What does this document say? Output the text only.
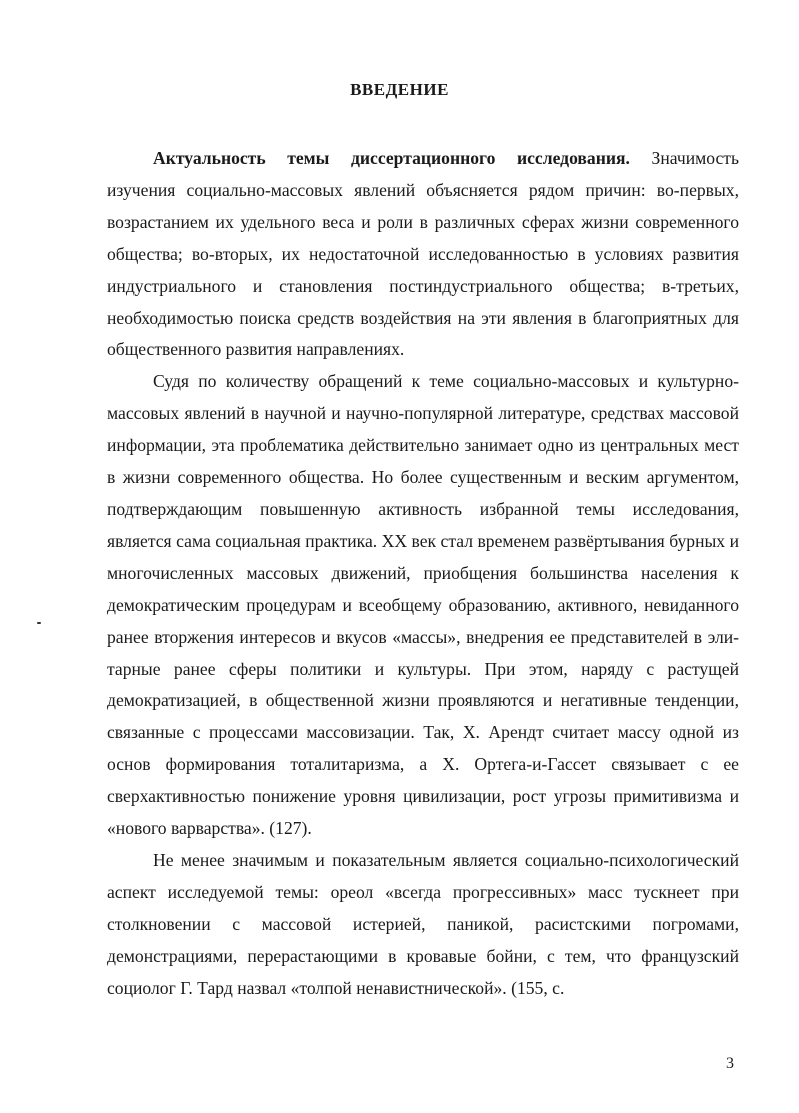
ВВЕДЕНИЕ

Актуальность темы диссертационного исследования. Значимость изучения социально-массовых явлений объясняется рядом причин: во-первых, возрастанием их удельного веса и роли в различных сферах жизни современного общества; во-вторых, их недостаточной исследованностью в условиях развития индустриального и становления постиндустриального общества; в-третьих, необходимостью поиска средств воздействия на эти явления в благоприятных для общественного развития направлениях.

Судя по количеству обращений к теме социально-массовых и культурно-массовых явлений в научной и научно-популярной литературе, средствах массовой информации, эта проблематика действительно занимает одно из центральных мест в жизни современного общества. Но более существенным и веским аргументом, подтверждающим повышенную активность избранной темы исследования, является сама социальная практика. XX век стал временем развёртывания бурных и многочисленных массовых движений, приобщения большинства населения к демократическим процедурам и всеобщему образованию, активного, невиданного ранее вторжения интересов и вкусов «массы», внедрения ее представителей в элитарные ранее сферы политики и культуры. При этом, наряду с растущей демократизацией, в общественной жизни проявляются и негативные тенденции, связанные с процессами массовизации. Так, X. Арендт считает массу одной из основ формирования тоталитаризма, а X. Ортега-и-Гассет связывает с ее сверхактивностью понижение уровня цивилизации, рост угрозы примитивизма и «нового варварства». (127).

Не менее значимым и показательным является социально-психологический аспект исследуемой темы: ореол «всегда прогрессивных» масс тускнеет при столкновении с массовой истерией, паникой, расистскими погромами, демонстрациями, перерастающими в кровавые бойни, с тем, что французский социолог Г. Тард назвал «толпой ненавистнической». (155, с.

3
